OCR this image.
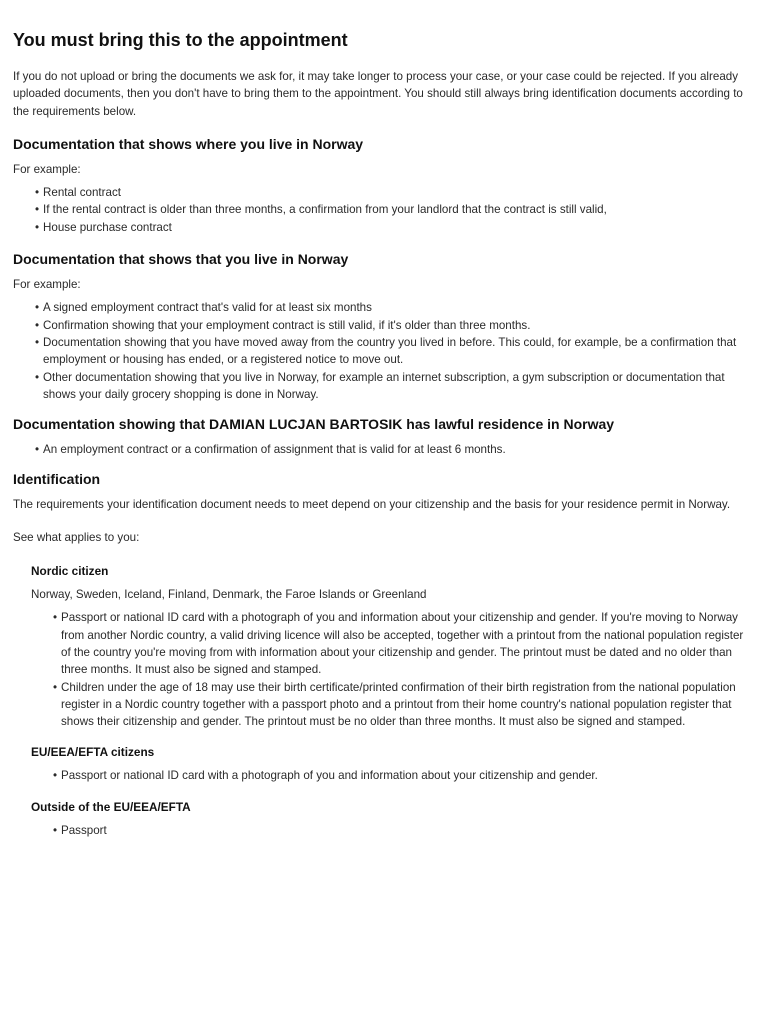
You must bring this to the appointment

If you do not upload or bring the documents we ask for, it may take longer to process your case, or your case could be rejected. If you already uploaded documents, then you don't have to bring them to the appointment. You should still always bring identification documents according to the requirements below.

Documentation that shows where you live in Norway

For example:

• Rental contract
• If the rental contract is older than three months, a confirmation from your landlord that the contract is still valid,
• House purchase contract
Documentation that shows that you live in Norway

For example:

• A signed employment contract that's valid for at least six months
• Confirmation showing that your employment contract is still valid, if it's older than three months.
• Documentation showing that you have moved away from the country you lived in before. This could, for example, be a confirmation that employment or housing has ended, or a registered notice to move out.
• Other documentation showing that you live in Norway, for example an internet subscription, a gym subscription or documentation that shows your daily grocery shopping is done in Norway.
Documentation showing that DAMIAN LUCJAN BARTOSIK has lawful residence in Norway
• An employment contract or a confirmation of assignment that is valid for at least 6 months.
Identification

The requirements your identification document needs to meet depend on your citizenship and the basis for your residence permit in Norway.

See what applies to you:

Nordic citizen

Norway, Sweden, Iceland, Finland, Denmark, the Faroe Islands or Greenland

• Passport or national ID card with a photograph of you and information about your citizenship and gender. If you're moving to Norway from another Nordic country, a valid driving licence will also be accepted, together with a printout from the national population register of the country you're moving from with information about your citizenship and gender. The printout must be dated and no older than three months. It must also be signed and stamped.
• Children under the age of 18 may use their birth certificate/printed confirmation of their birth registration from the national population register in a Nordic country together with a passport photo and a printout from their home country's national population register that shows their citizenship and gender. The printout must be no older than three months. It must also be signed and stamped.
EU/EEA/EFTA citizens
• Passport or national ID card with a photograph of you and information about your citizenship and gender.
Outside of the EU/EEA/EFTA
• Passport
